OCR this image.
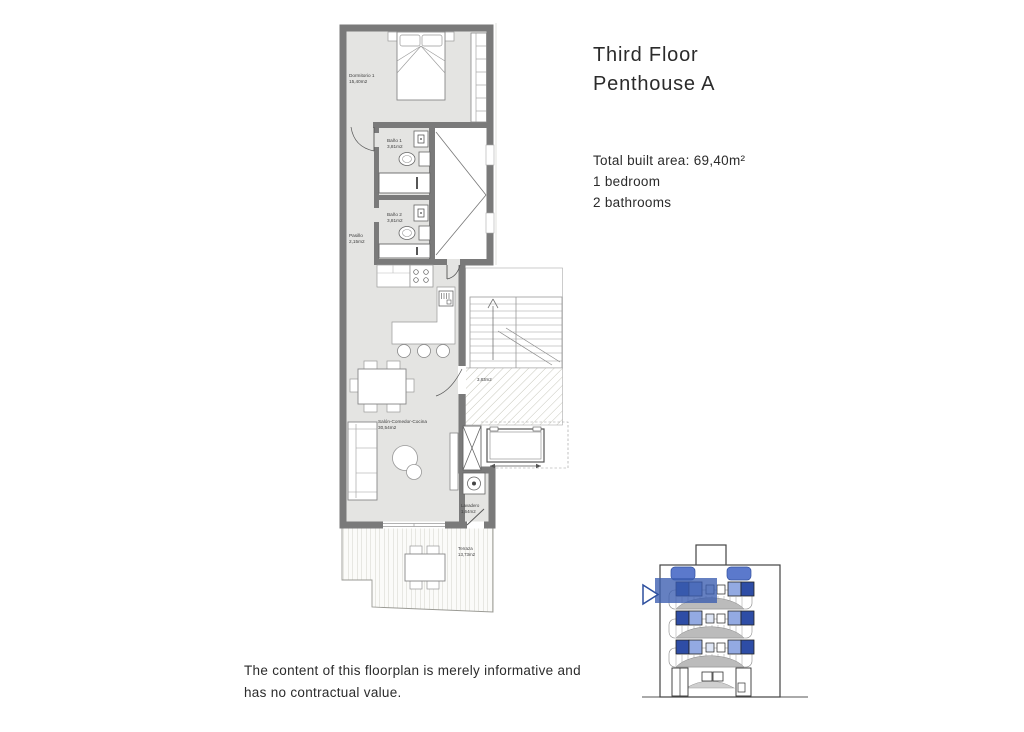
Terraza
13,73m2
3,83m2
Dormitorio 1
15,40m2
Baño 1
3,81m2
Baño 2
3,81m2
Pasillo
2,15m2
Salón-Comedor-Cocina
30,54m2
Lavadero
1,64m2
Third Floor
Penthouse A
Total built area: 69,40m²
1 bedroom
2 bathrooms
The content of this floorplan is merely informative and
has no contractual value.
